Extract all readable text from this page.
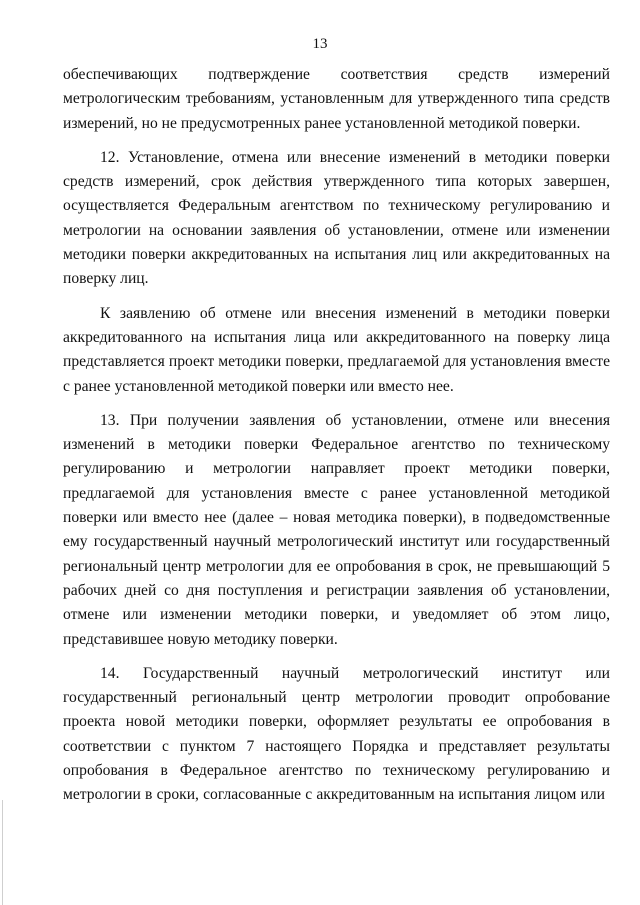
13

обеспечивающих подтверждение соответствия средств измерений метрологическим требованиям, установленным для утвержденного типа средств измерений, но не предусмотренных ранее установленной методикой поверки.

12. Установление, отмена или внесение изменений в методики поверки средств измерений, срок действия утвержденного типа которых завершен, осуществляется Федеральным агентством по техническому регулированию и метрологии на основании заявления об установлении, отмене или изменении методики поверки аккредитованных на испытания лиц или аккредитованных на поверку лиц.

К заявлению об отмене или внесения изменений в методики поверки аккредитованного на испытания лица или аккредитованного на поверку лица представляется проект методики поверки, предлагаемой для установления вместе с ранее установленной методикой поверки или вместо нее.

13. При получении заявления об установлении, отмене или внесения изменений в методики поверки Федеральное агентство по техническому регулированию и метрологии направляет проект методики поверки, предлагаемой для установления вместе с ранее установленной методикой поверки или вместо нее (далее – новая методика поверки), в подведомственные ему государственный научный метрологический институт или государственный региональный центр метрологии для ее опробования в срок, не превышающий 5 рабочих дней со дня поступления и регистрации заявления об установлении, отмене или изменении методики поверки, и уведомляет об этом лицо, представившее новую методику поверки.

14. Государственный научный метрологический институт или государственный региональный центр метрологии проводит опробование проекта новой методики поверки, оформляет результаты ее опробования в соответствии с пунктом 7 настоящего Порядка и представляет результаты опробования в Федеральное агентство по техническому регулированию и метрологии в сроки, согласованные с аккредитованным на испытания лицом или
